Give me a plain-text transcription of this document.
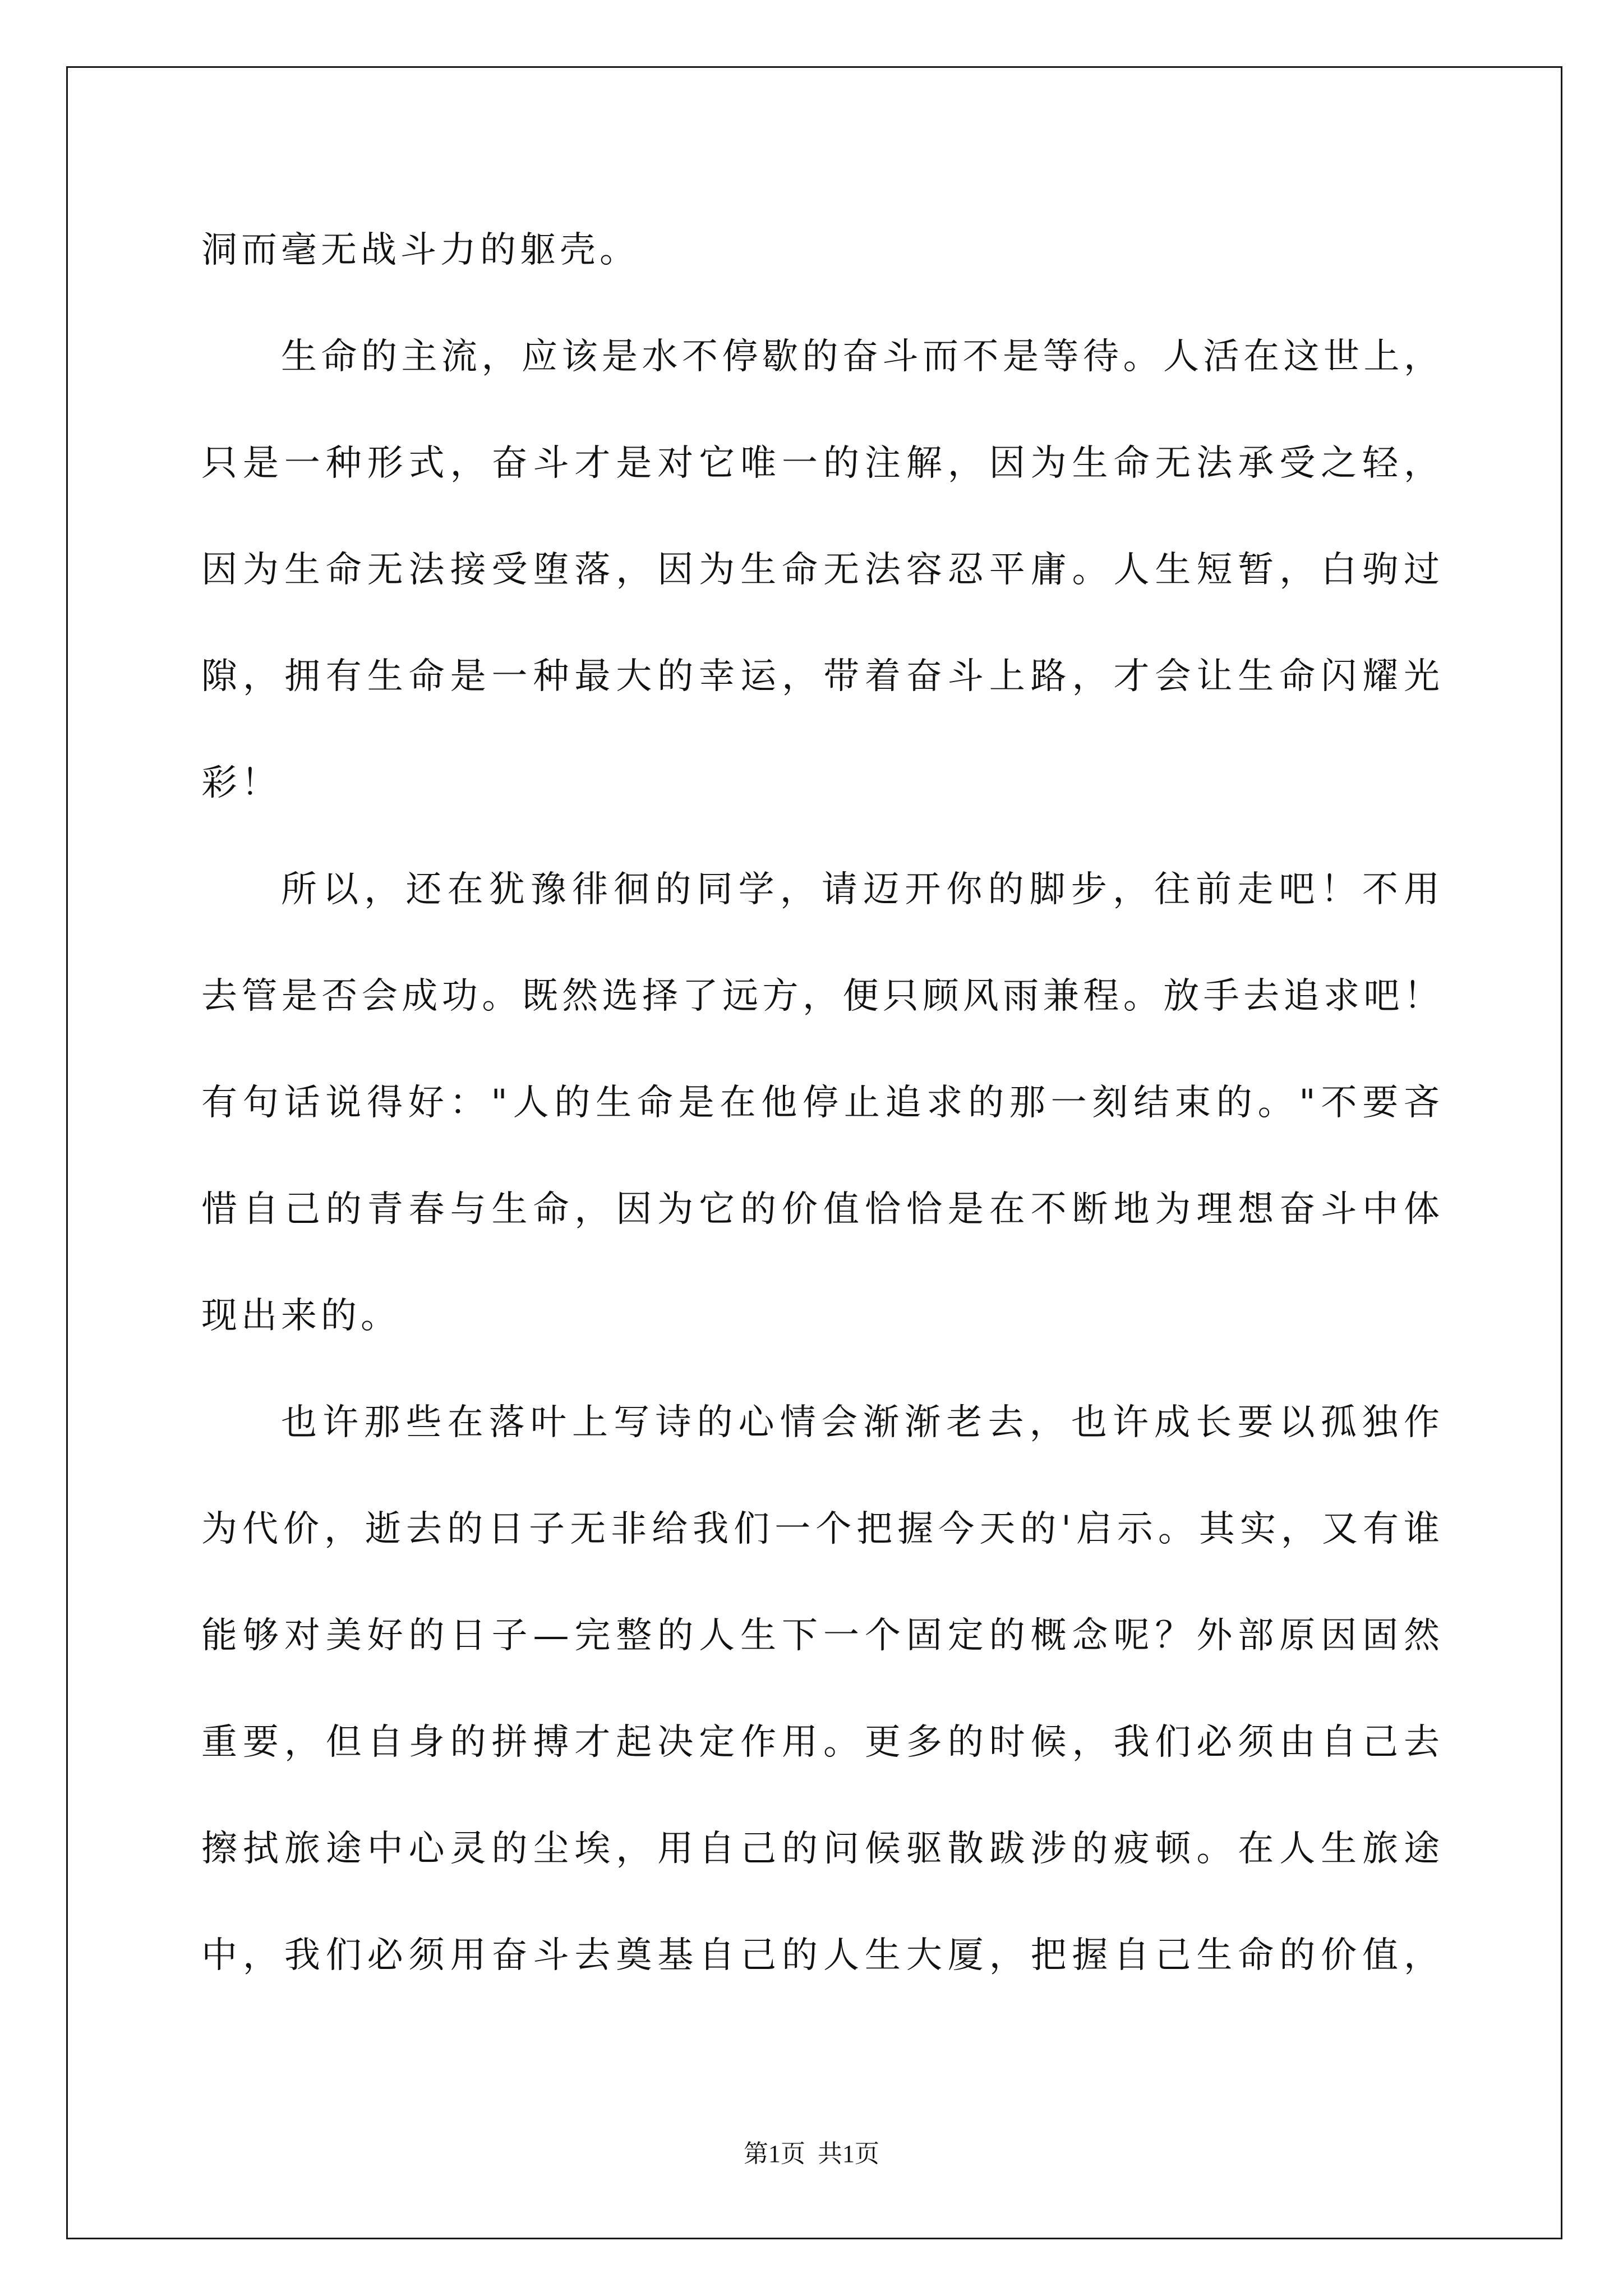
洞而毫无战斗力的躯壳。
生命的主流，应该是水不停歇的奋斗而不是等待。人活在这世上，
只是一种形式，奋斗才是对它唯一的注解，因为生命无法承受之轻，
因为生命无法接受堕落，因为生命无法容忍平庸。人生短暂，白驹过
隙，拥有生命是一种最大的幸运，带着奋斗上路，才会让生命闪耀光
彩！
所以，还在犹豫徘徊的同学，请迈开你的脚步，往前走吧！不用
去管是否会成功。既然选择了远方，便只顾风雨兼程。放手去追求吧！
有句话说得好："人的生命是在他停止追求的那一刻结束的。"不要吝
惜自己的青春与生命，因为它的价值恰恰是在不断地为理想奋斗中体
现出来的。
也许那些在落叶上写诗的心情会渐渐老去，也许成长要以孤独作
为代价，逝去的日子无非给我们一个把握今天的'启示。其实，又有谁
能够对美好的日子—完整的人生下一个固定的概念呢？外部原因固然
重要，但自身的拼搏才起决定作用。更多的时候，我们必须由自己去
擦拭旅途中心灵的尘埃，用自己的问候驱散跋涉的疲顿。在人生旅途
中，我们必须用奋斗去奠基自己的人生大厦，把握自己生命的价值，
第1页  共1页
